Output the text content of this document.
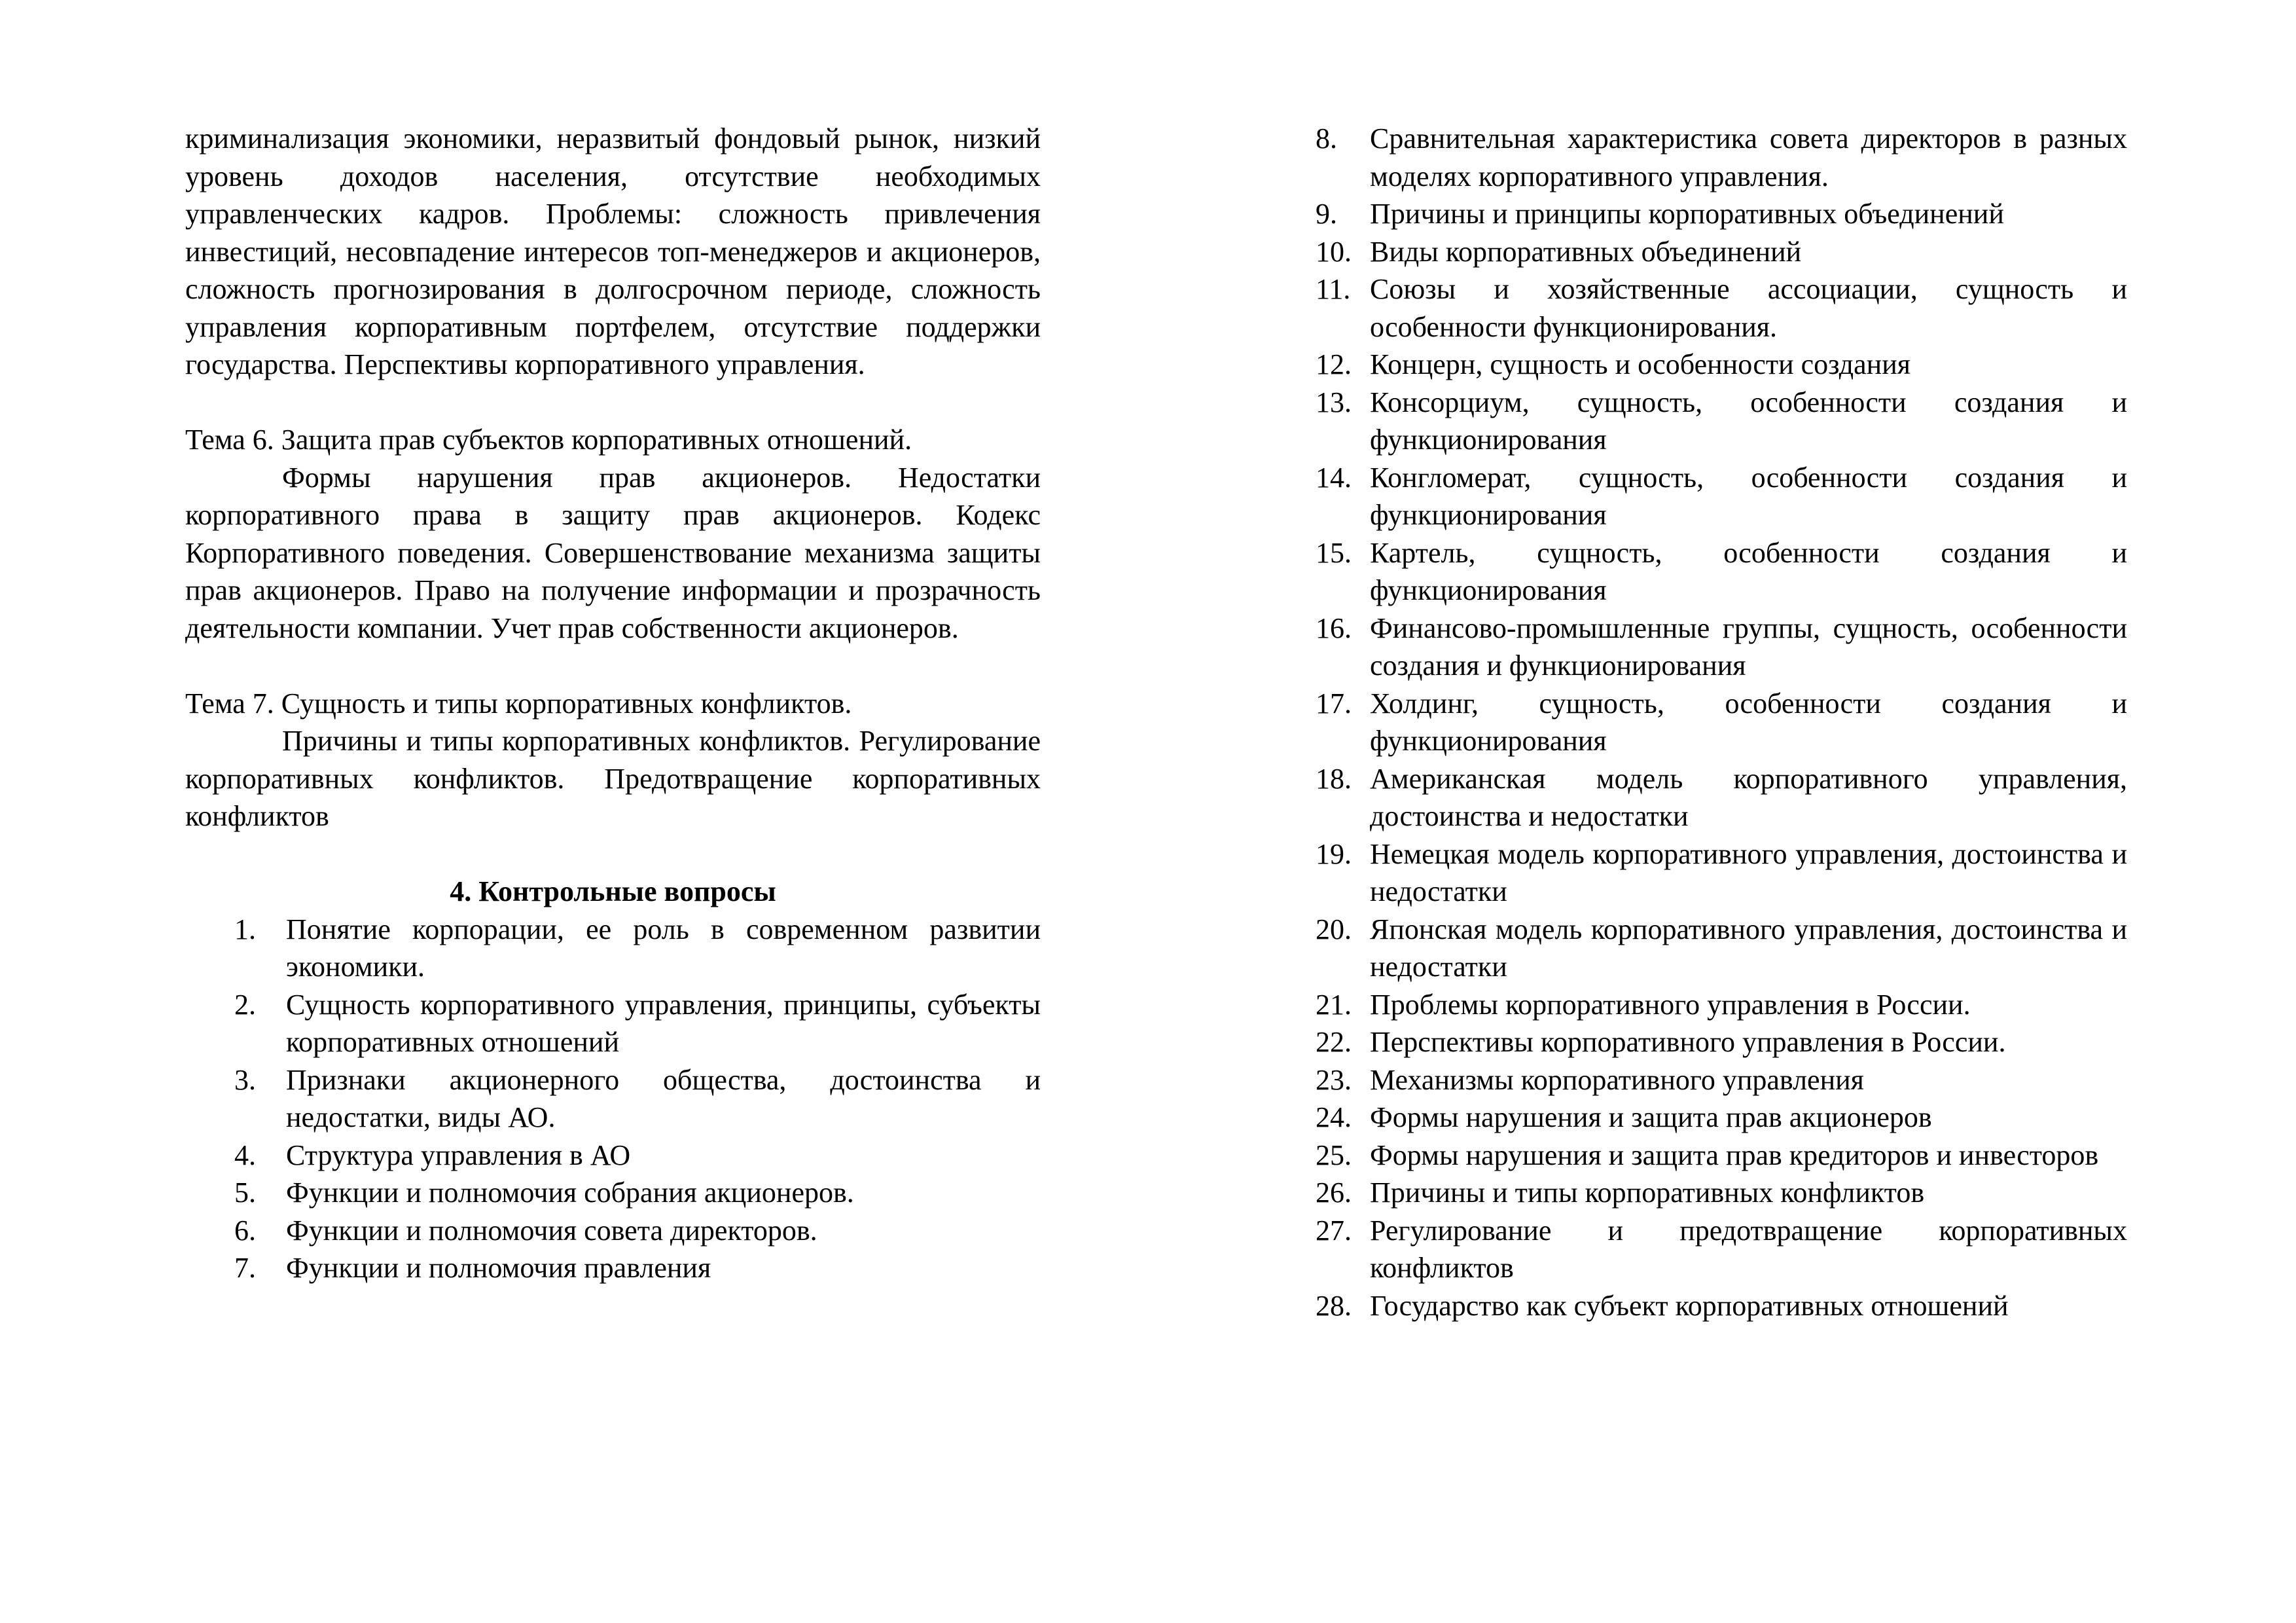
криминализация экономики, неразвитый фондовый рынок, низкий уровень доходов населения, отсутствие необходимых управленческих кадров. Проблемы: сложность привлечения инвестиций, несовпадение интересов топ-менеджеров и акционеров, сложность прогнозирования в долгосрочном периоде, сложность управления корпоративным портфелем, отсутствие поддержки государства. Перспективы корпоративного управления.

Тема 6. Защита прав субъектов корпоративных отношений.

Формы нарушения прав акционеров. Недостатки корпоративного права в защиту прав акционеров. Кодекс Корпоративного поведения. Совершенствование механизма защиты прав акционеров. Право на получение информации и прозрачность деятельности компании. Учет прав собственности акционеров.

Тема 7. Сущность и типы корпоративных конфликтов.

Причины и типы корпоративных конфликтов. Регулирование корпоративных конфликтов. Предотвращение корпоративных конфликтов

4. Контрольные вопросы

1. Понятие корпорации, ее роль в современном развитии экономики.
2. Сущность корпоративного управления, принципы, субъекты корпоративных отношений
3. Признаки акционерного общества, достоинства и недостатки, виды АО.
4. Структура управления в АО
5. Функции и полномочия собрания акционеров.
6. Функции и полномочия совета директоров.
7. Функции и полномочия правления
8. Сравнительная характеристика совета директоров в разных моделях корпоративного управления.
9. Причины и принципы корпоративных объединений
10. Виды корпоративных объединений
11. Союзы и хозяйственные ассоциации, сущность и особенности функционирования.
12. Концерн, сущность и особенности создания
13. Консорциум, сущность, особенности создания и функционирования
14. Конгломерат, сущность, особенности создания и функционирования
15. Картель, сущность, особенности создания и функционирования
16. Финансово-промышленные группы, сущность, особенности создания и функционирования
17. Холдинг, сущность, особенности создания и функционирования
18. Американская модель корпоративного управления, достоинства и недостатки
19. Немецкая модель корпоративного управления, достоинства и недостатки
20. Японская модель корпоративного управления, достоинства и недостатки
21. Проблемы корпоративного управления в России.
22. Перспективы корпоративного управления в России.
23. Механизмы корпоративного управления
24. Формы нарушения и защита прав акционеров
25. Формы нарушения и защита прав кредиторов и инвесторов
26. Причины и типы корпоративных конфликтов
27. Регулирование и предотвращение корпоративных конфликтов
28. Государство как субъект корпоративных отношений
